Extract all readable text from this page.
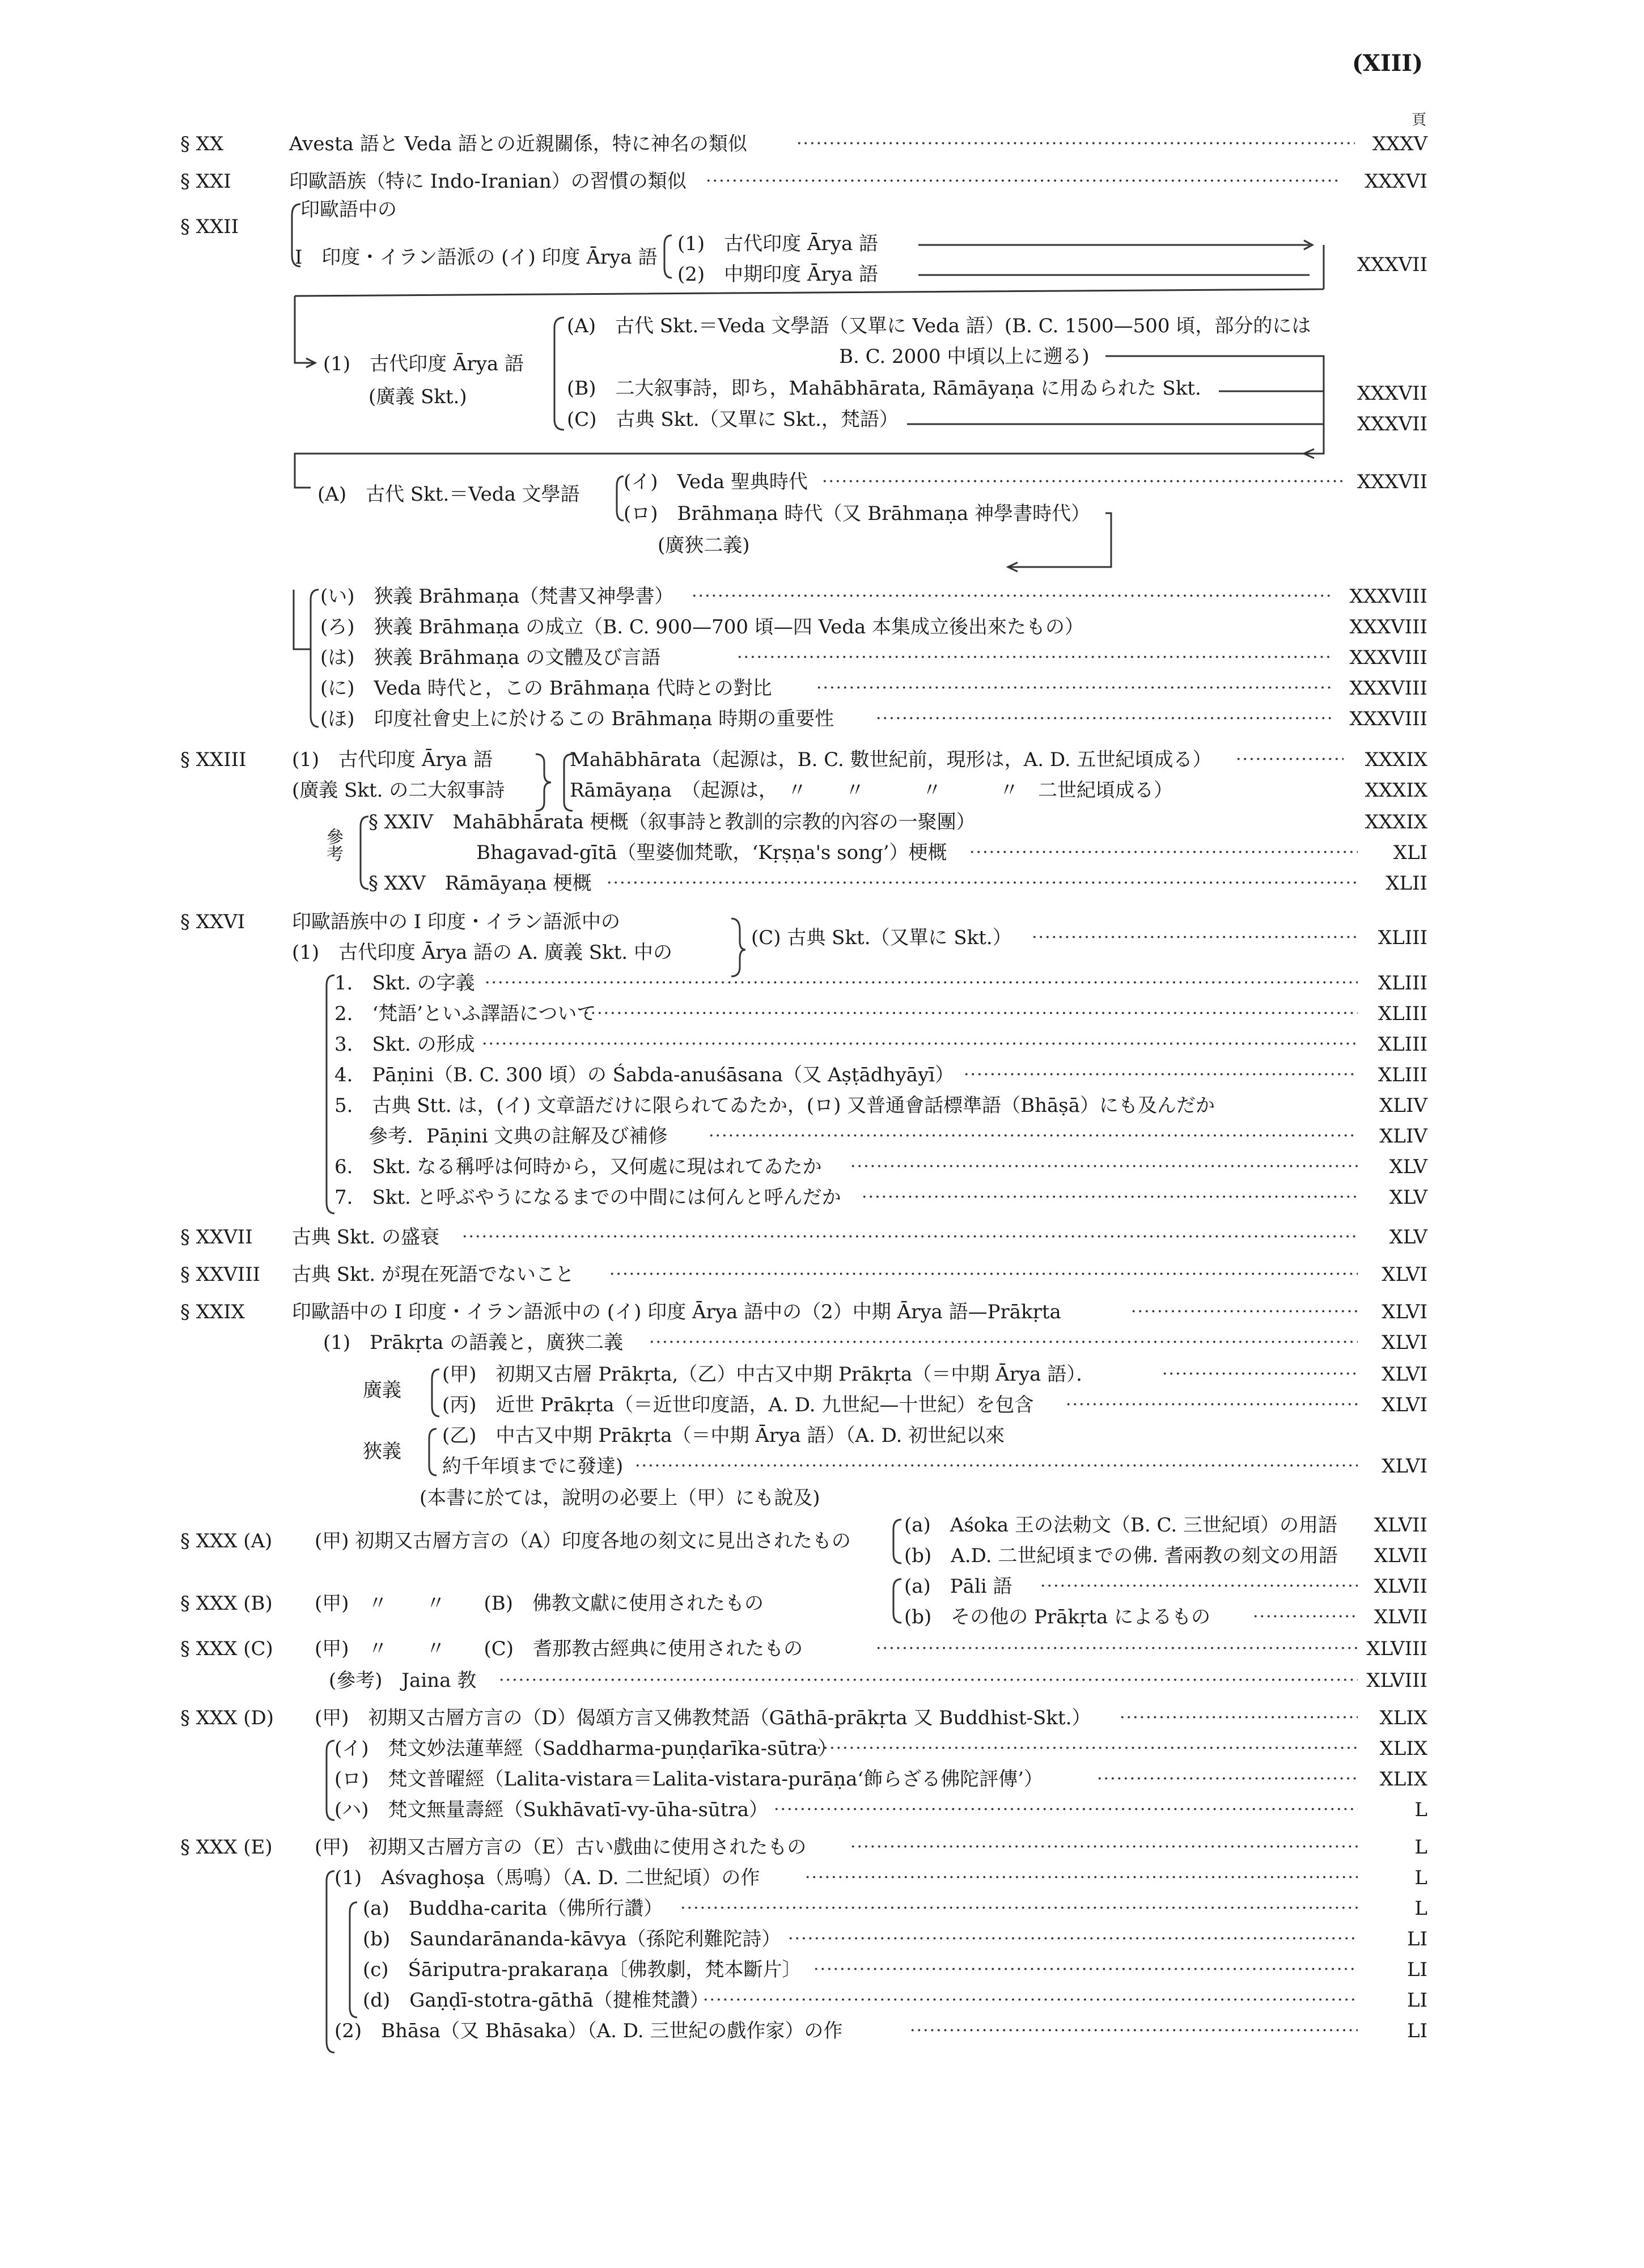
(XIII)
頁
§ XX	Avesta 語と Veda 語との近親關係，特に神名の類似 ·····	XXXV
§ XXI	印歐語族（特に Indo-Iranian）の習慣の類似 ·····	XXXVI
§ XXII
印歐語中の
I　印度・イラン語派の (イ) 印度 Ārya 語
(1)　古代印度 Ārya 語
(2)　中期印度 Ārya 語	XXXVII
(1)　古代印度 Ārya 語
(廣義 Skt.)
(A)　古代 Skt.＝Veda 文學語（又單に Veda 語）(B. C. 1500—500 頃，部分的には
B. C. 2000 中頃以上に遡る)
(B)　二大叙事詩，即ち，Mahābhārata, Rāmāyaṇa に用ゐられた Skt.	XXXVII
(C)　古典 Skt.（又單に Skt.，梵語）	XXXVII
(A)　古代 Skt.＝Veda 文學語
(イ)　Veda 聖典時代 ·····	XXXVII
(ロ)　Brāhmaṇa 時代（又 Brāhmaṇa 神學書時代）
(廣狹二義)
(い)　狹義 Brāhmaṇa（梵書又神學書） ·····	XXXVIII
(ろ)　狹義 Brāhmaṇa の成立（B. C. 900—700 頃—四 Veda 本集成立後出來たもの）	XXXVIII
(は)　狹義 Brāhmaṇa の文體及び言語 ·····	XXXVIII
(に)　Veda 時代と，この Brāhmaṇa 代時との對比 ·····	XXXVIII
(ほ)　印度社會史上に於けるこの Brāhmaṇa 時期の重要性 ·····	XXXVIII
§ XXIII (1)　古代印度 Ārya 語
(廣義 Skt. の二大叙事詩
Mahābhārata（起源は，B. C. 數世紀前，現形は，A. D. 五世紀頃成る） ·····	XXXIX
Rāmāyaṇa　（起源は，　〃　　〃　　　〃　　　〃　二世紀頃成る）	XXXIX
參考
§ XXIV　Mahābhārata 梗概（叙事詩と教訓的宗教的內容の一聚團）	XXXIX
Bhagavad-gītā（聖婆伽梵歌，‘Kṛṣṇa's song’）梗概 ·····	XLI
§ XXV　Rāmāyaṇa 梗概 ·····	XLII
§ XXVI 印歐語族中の I 印度・イラン語派中の
(1)　古代印度 Ārya 語の A. 廣義 Skt. 中の
(C) 古典 Skt.（又單に Skt.） ·····	XLIII
1.　Skt. の字義 ·····	XLIII
2.　‘梵語’といふ譯語について ·····	XLIII
3.　Skt. の形成 ·····	XLIII
4.　Pāṇini（B. C. 300 頃）の Śabda-anuśāsana（又 Aṣṭādhyāyī） ·····	XLIII
5.　古典 Stt. は，(イ) 文章語だけに限られてゐたか，(ロ) 又普通會話標準語（Bhāṣā）にも及んだか	XLIV
參考．Pāṇini 文典の註解及び補修 ·····	XLIV
6.　Skt. なる稱呼は何時から，又何處に現はれてゐたか ·····	XLV
7.　Skt. と呼ぶやうになるまでの中間には何んと呼んだか ·····	XLV
§ XXVII 古典 Skt. の盛衰 ·····	XLV
§ XXVIII 古典 Skt. が現在死語でないこと ·····	XLVI
§ XXIX 印歐語中の I 印度・イラン語派中の (イ) 印度 Ārya 語中の（2）中期 Ārya 語—Prākṛta ·····	XLVI
(1)　Prākṛta の語義と，廣狹二義 ·····	XLVI
廣義
(甲)　初期又古層 Prākṛta,（乙）中古又中期 Prākṛta（＝中期 Ārya 語）． ·····	XLVI
(丙)　近世 Prākṛta（＝近世印度語，A. D. 九世紀—十世紀）を包含 ·····	XLVI
狹義
(乙)　中古又中期 Prākṛta（＝中期 Ārya 語）（A. D. 初世紀以來
約千年頃までに發達) ·····	XLVI
(本書に於ては，說明の必要上（甲）にも說及)
§ XXX (A) (甲) 初期又古層方言の（A）印度各地の刻文に見出されたもの
(a)　Aśoka 王の法勅文（B. C. 三世紀頃）の用語	XLVII
(b)　A.D. 二世紀頃までの佛. 耆兩教の刻文の用語	XLVII
§ XXX (B) (甲)　〃　　〃　　(B)　佛教文獻に使用されたもの
(a)　Pāli 語 ·····	XLVII
(b)　その他の Prākṛta によるもの ·····	XLVII
§ XXX (C) (甲)　〃　　〃　　(C)　耆那教古經典に使用されたもの ·····	XLVIII
(參考)　Jaina 教 ·····	XLVIII
§ XXX (D) (甲)　初期又古層方言の（D）偈頌方言又佛教梵語（Gāthā-prākṛta 又 Buddhist-Skt.） ·····	XLIX
(イ)　梵文妙法蓮華經（Saddharma-puṇḍarīka-sūtra） ·····	XLIX
(ロ)　梵文普曜經（Lalita-vistara＝Lalita-vistara-purāṇa‘飾らざる佛陀評傳’） ·····	XLIX
(ハ)　梵文無量壽經（Sukhāvatī-vy-ūha-sūtra） ·····	L
§ XXX (E) (甲)　初期又古層方言の（E）古い戲曲に使用されたもの ·····	L
(1)　Aśvaghoṣa（馬鳴）（A. D. 二世紀頃）の作 ·····	L
(a)　Buddha-carita（佛所行讚） ·····	L
(b)　Saundarānanda-kāvya（孫陀利難陀詩） ·····	LI
(c)　Śāriputra-prakaraṇa〔佛教劇，梵本斷片〕 ·····	LI
(d)　Gaṇḍī-stotra-gāthā（揵椎梵讚） ·····	LI
(2)　Bhāsa（又 Bhāsaka）（A. D. 三世紀の戲作家）の作 ·····	LI
